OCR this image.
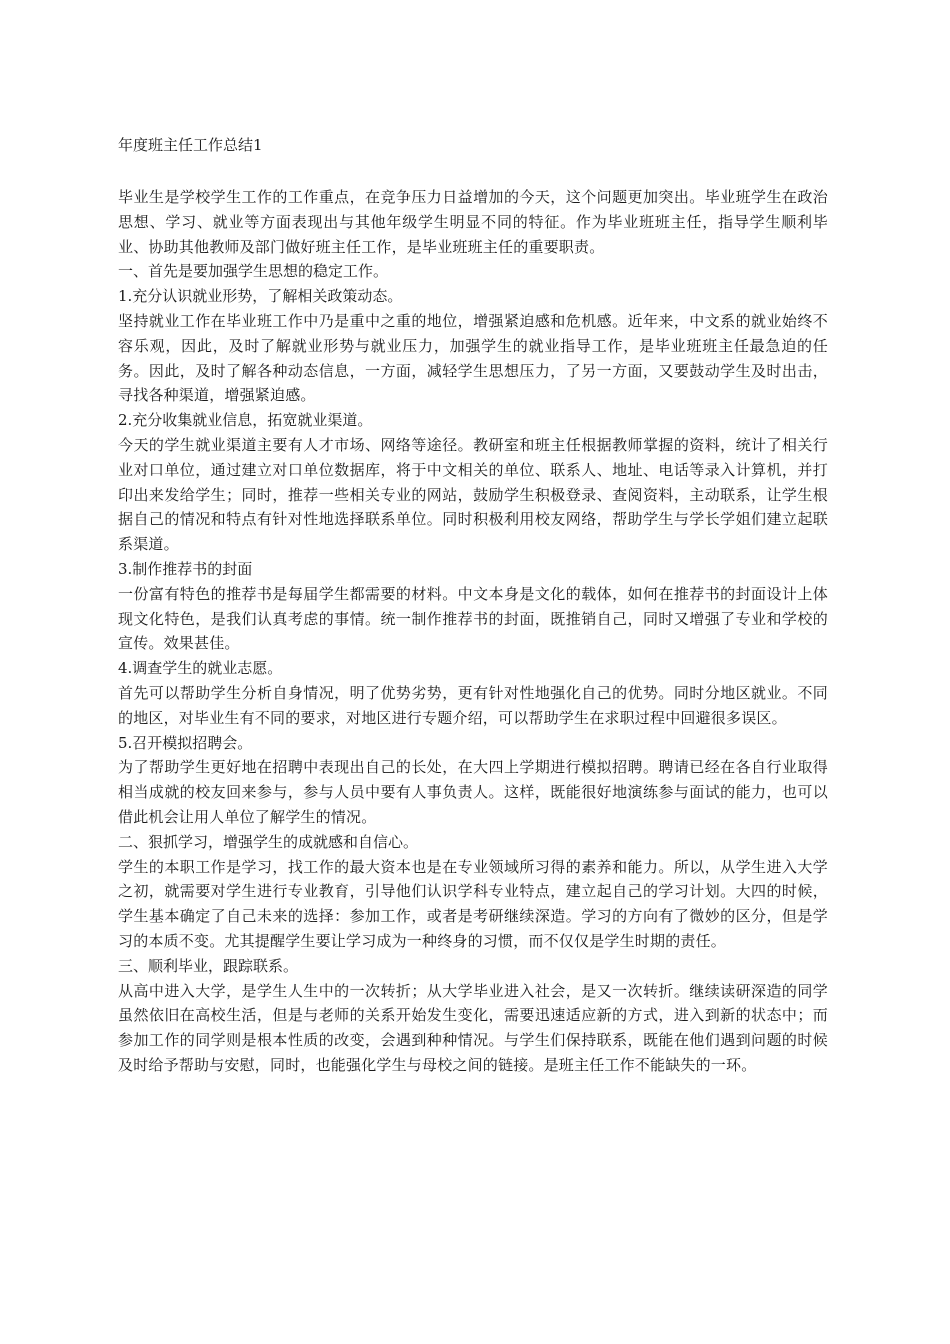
年度班主任工作总结1

毕业生是学校学生工作的工作重点，在竞争压力日益增加的今天，这个问题更加突出。毕业班学生在政治思想、学习、就业等方面表现出与其他年级学生明显不同的特征。作为毕业班班主任，指导学生顺利毕业、协助其他教师及部门做好班主任工作，是毕业班班主任的重要职责。

一、首先是要加强学生思想的稳定工作。

1.充分认识就业形势，了解相关政策动态。

坚持就业工作在毕业班工作中乃是重中之重的地位，增强紧迫感和危机感。近年来，中文系的就业始终不容乐观，因此，及时了解就业形势与就业压力，加强学生的就业指导工作，是毕业班班主任最急迫的任务。因此，及时了解各种动态信息，一方面，减轻学生思想压力，了另一方面，又要鼓动学生及时出击，寻找各种渠道，增强紧迫感。

2.充分收集就业信息，拓宽就业渠道。

今天的学生就业渠道主要有人才市场、网络等途径。教研室和班主任根据教师掌握的资料，统计了相关行业对口单位，通过建立对口单位数据库，将于中文相关的单位、联系人、地址、电话等录入计算机，并打印出来发给学生；同时，推荐一些相关专业的网站，鼓励学生积极登录、查阅资料，主动联系，让学生根据自己的情况和特点有针对性地选择联系单位。同时积极利用校友网络，帮助学生与学长学姐们建立起联系渠道。

3.制作推荐书的封面

一份富有特色的推荐书是每届学生都需要的材料。中文本身是文化的载体，如何在推荐书的封面设计上体现文化特色，是我们认真考虑的事情。统一制作推荐书的封面，既推销自己，同时又增强了专业和学校的宣传。效果甚佳。

4.调查学生的就业志愿。

首先可以帮助学生分析自身情况，明了优势劣势，更有针对性地强化自己的优势。同时分地区就业。不同的地区，对毕业生有不同的要求，对地区进行专题介绍，可以帮助学生在求职过程中回避很多误区。

5.召开模拟招聘会。

为了帮助学生更好地在招聘中表现出自己的长处，在大四上学期进行模拟招聘。聘请已经在各自行业取得相当成就的校友回来参与，参与人员中要有人事负责人。这样，既能很好地演练参与面试的能力，也可以借此机会让用人单位了解学生的情况。

二、狠抓学习，增强学生的成就感和自信心。

学生的本职工作是学习，找工作的最大资本也是在专业领域所习得的素养和能力。所以，从学生进入大学之初，就需要对学生进行专业教育，引导他们认识学科专业特点，建立起自己的学习计划。大四的时候，学生基本确定了自己未来的选择：参加工作，或者是考研继续深造。学习的方向有了微妙的区分，但是学习的本质不变。尤其提醒学生要让学习成为一种终身的习惯，而不仅仅是学生时期的责任。

三、顺利毕业，跟踪联系。

从高中进入大学，是学生人生中的一次转折；从大学毕业进入社会，是又一次转折。继续读研深造的同学虽然依旧在高校生活，但是与老师的关系开始发生变化，需要迅速适应新的方式，进入到新的状态中；而参加工作的同学则是根本性质的改变，会遇到种种情况。与学生们保持联系，既能在他们遇到问题的时候及时给予帮助与安慰，同时，也能强化学生与母校之间的链接。是班主任工作不能缺失的一环。
